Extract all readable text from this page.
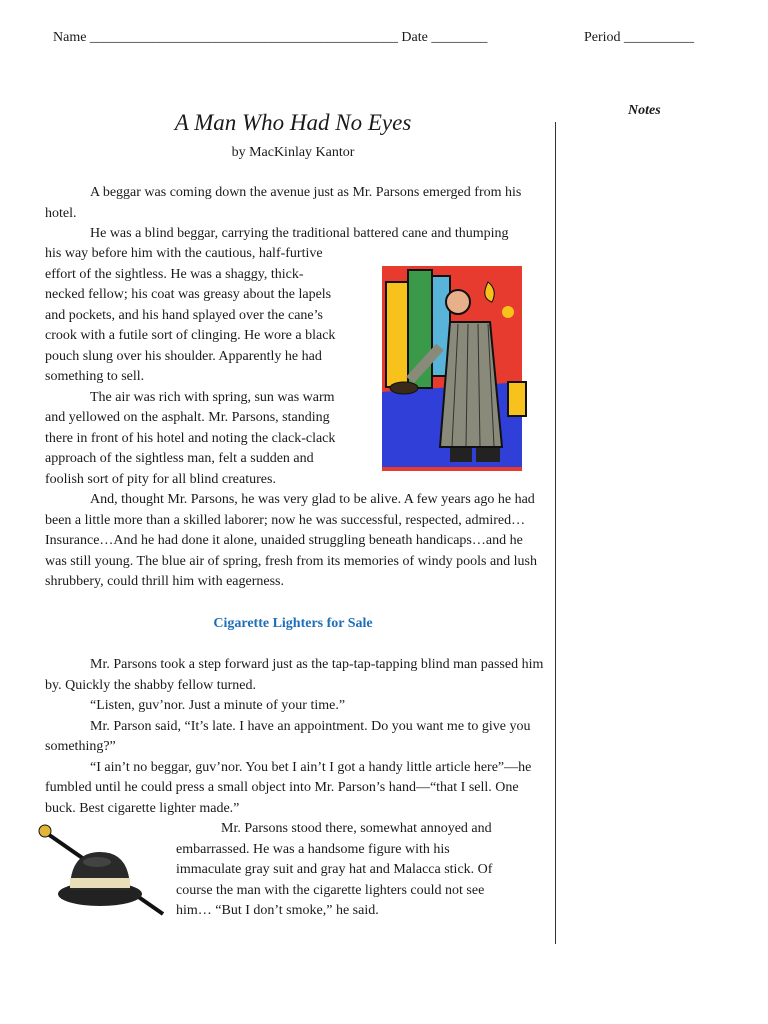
Name ____________________________________________ Date ________	Period __________
A Man Who Had No Eyes
by MacKinlay Kantor
Notes

A beggar was coming down the avenue just as Mr. Parsons emerged from his hotel.

He was a blind beggar, carrying the traditional battered cane and thumping

his way before him with the cautious, half-furtive

effort of the sightless. He was a shaggy, thick-

necked fellow; his coat was greasy about the lapels

and pockets, and his hand splayed over the cane’s

crook with a futile sort of clinging. He wore a black

pouch slung over his shoulder. Apparently he had

something to sell.

The air was rich with spring, sun was warm

and yellowed on the asphalt. Mr. Parsons, standing

there in front of his hotel and noting the clack-clack

approach of the sightless man, felt a sudden and

foolish sort of pity for all blind creatures.

And, thought Mr. Parsons, he was very glad to be alive. A few years ago he had been a little more than a skilled laborer; now he was successful, respected, admired…Insurance…And he had done it alone, unaided struggling beneath handicaps…and he was still young. The blue air of spring, fresh from its memories of windy pools and lush shrubbery, could thrill him with eagerness.

Cigarette Lighters for Sale

Mr. Parsons took a step forward just as the tap-tap-tapping blind man passed him by. Quickly the shabby fellow turned.

“Listen, guv’nor. Just a minute of your time.”

Mr. Parson said, “It’s late. I have an appointment. Do you want me to give you something?”

“I ain’t no beggar, guv’nor. You bet I ain’t I got a handy little article here”—he fumbled until he could press a small object into Mr. Parson’s hand—“that I sell. One buck. Best cigarette lighter made.”

Mr. Parsons stood there, somewhat annoyed and

embarrassed. He was a handsome figure with his

immaculate gray suit and gray hat and Malacca stick. Of

course the man with the cigarette lighters could not see

him… “But I don’t smoke,” he said.
